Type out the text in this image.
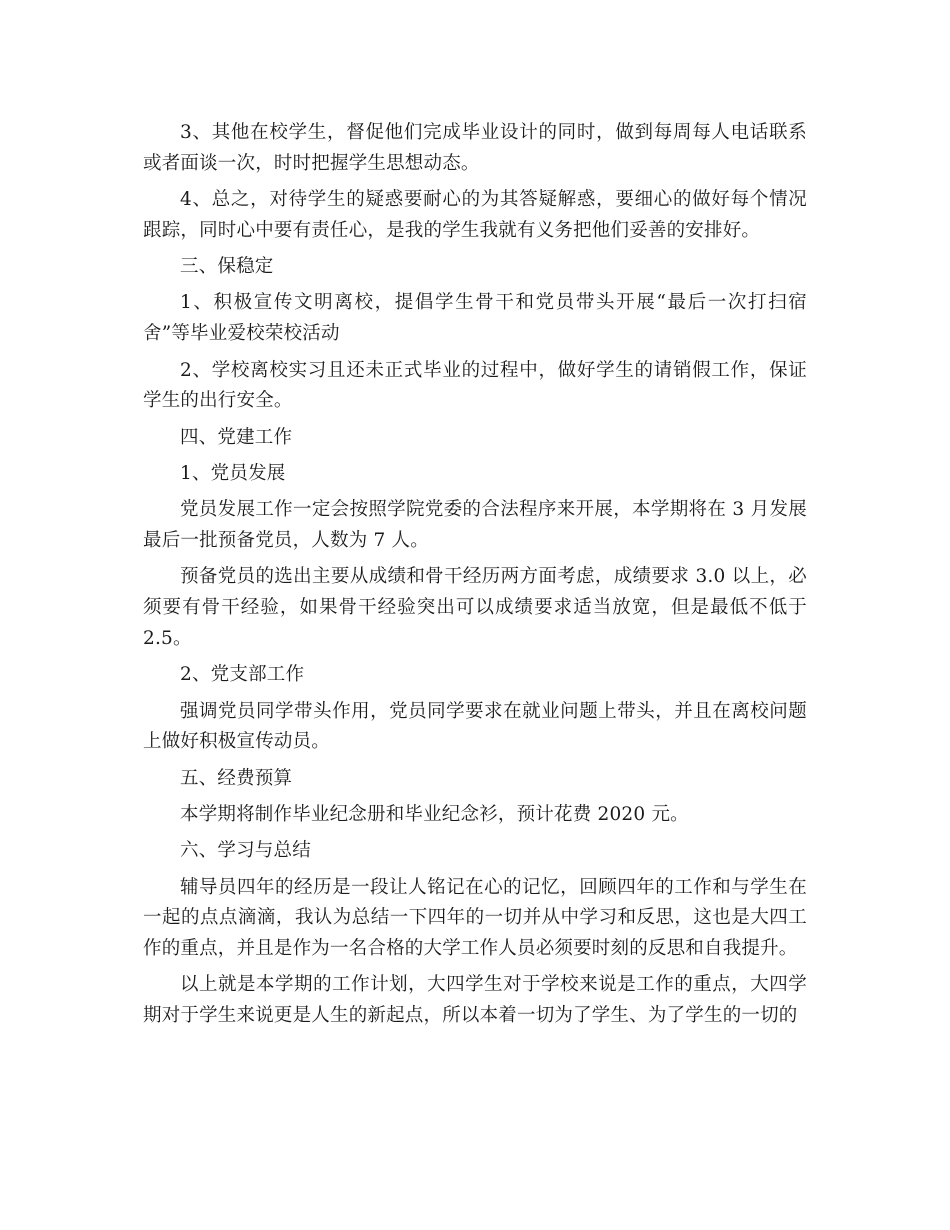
3、其他在校学生，督促他们完成毕业设计的同时，做到每周每人电话联系或者面谈一次，时时把握学生思想动态。

4、总之，对待学生的疑惑要耐心的为其答疑解惑，要细心的做好每个情况跟踪，同时心中要有责任心，是我的学生我就有义务把他们妥善的安排好。

三、保稳定

1、积极宣传文明离校，提倡学生骨干和党员带头开展“最后一次打扫宿舍”等毕业爱校荣校活动

2、学校离校实习且还未正式毕业的过程中，做好学生的请销假工作，保证学生的出行安全。

四、党建工作

1、党员发展

党员发展工作一定会按照学院党委的合法程序来开展，本学期将在 3 月发展最后一批预备党员，人数为 7 人。

预备党员的选出主要从成绩和骨干经历两方面考虑，成绩要求 3.0 以上，必须要有骨干经验，如果骨干经验突出可以成绩要求适当放宽，但是最低不低于 2.5。

2、党支部工作

强调党员同学带头作用，党员同学要求在就业问题上带头，并且在离校问题上做好积极宣传动员。

五、经费预算

本学期将制作毕业纪念册和毕业纪念衫，预计花费 2020 元。

六、学习与总结

辅导员四年的经历是一段让人铭记在心的记忆，回顾四年的工作和与学生在一起的点点滴滴，我认为总结一下四年的一切并从中学习和反思，这也是大四工作的重点，并且是作为一名合格的大学工作人员必须要时刻的反思和自我提升。

以上就是本学期的工作计划，大四学生对于学校来说是工作的重点，大四学期对于学生来说更是人生的新起点，所以本着一切为了学生、为了学生的一切的
